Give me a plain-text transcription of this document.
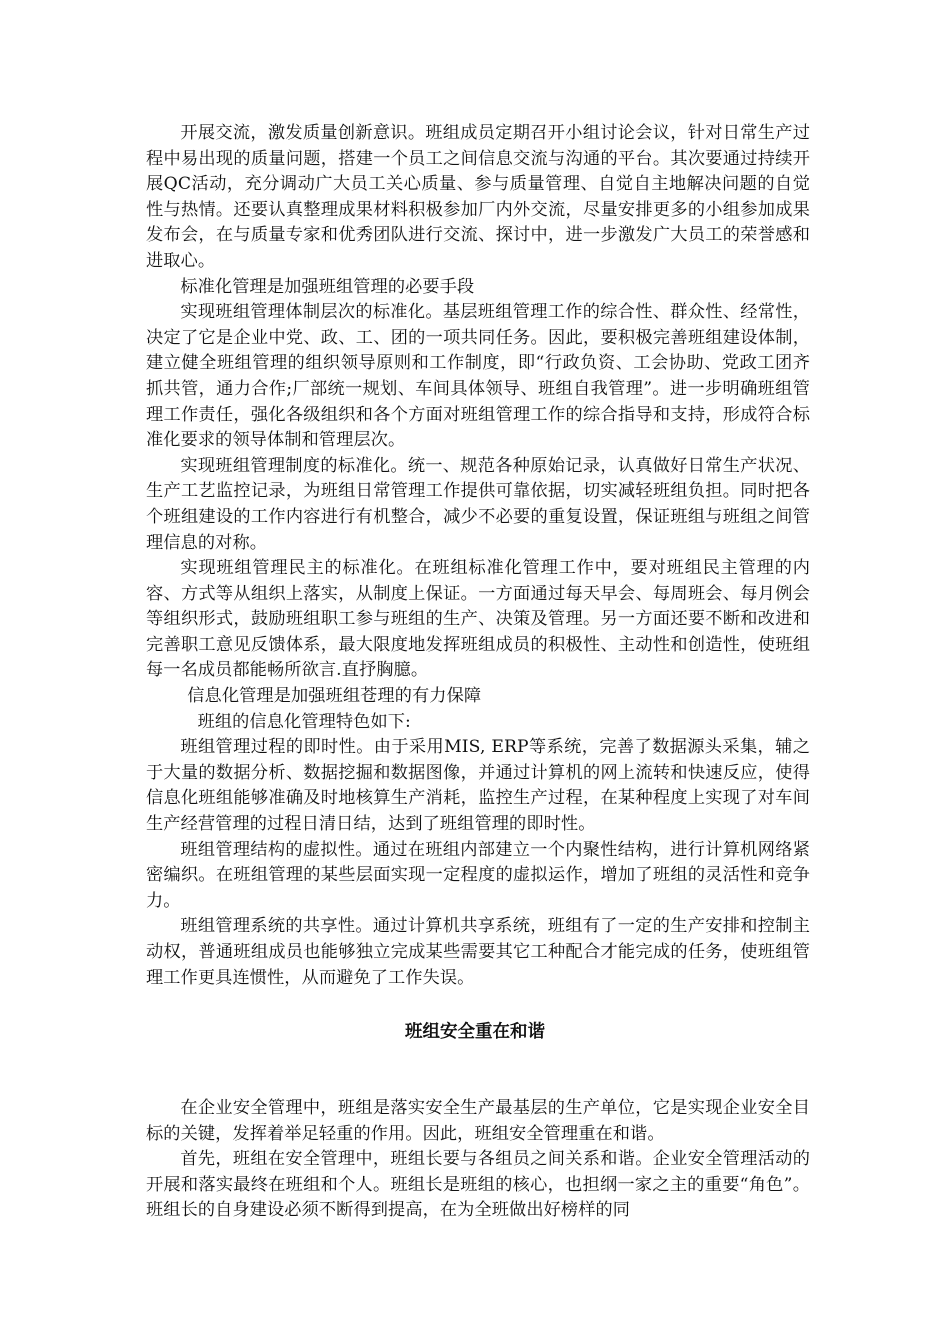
开展交流，激发质量创新意识。班组成员定期召开小组讨论会议，针对日常生产过程中易出现的质量问题，搭建一个员工之间信息交流与沟通的平台。其次要通过持续开展QC活动，充分调动广大员工关心质量、参与质量管理、自觉自主地解决问题的自觉性与热情。还要认真整理成果材料积极参加厂内外交流，尽量安排更多的小组参加成果发布会，在与质量专家和优秀团队进行交流、探讨中，进一步激发广大员工的荣誉感和进取心。

标准化管理是加强班组管理的必要手段

实现班组管理体制层次的标准化。基层班组管理工作的综合性、群众性、经常性，决定了它是企业中党、政、工、团的一项共同任务。因此，要积极完善班组建设体制，建立健全班组管理的组织领导原则和工作制度，即“行政负资、工会协助、党政工团齐抓共管，通力合作;厂部统一规划、车间具体领导、班组自我管理”。进一步明确班组管理工作责任，强化各级组织和各个方面对班组管理工作的综合指导和支持，形成符合标准化要求的领导体制和管理层次。

实现班组管理制度的标准化。统一、规范各种原始记录，认真做好日常生产状况、生产工艺监控记录，为班组日常管理工作提供可靠依据，切实减轻班组负担。同时把各个班组建设的工作内容进行有机整合，减少不必要的重复设置，保证班组与班组之间管理信息的对称。

实现班组管理民主的标准化。在班组标准化管理工作中，要对班组民主管理的内容、方式等从组织上落实，从制度上保证。一方面通过每天早会、每周班会、每月例会等组织形式，鼓励班组职工参与班组的生产、决策及管理。另一方面还要不断和改进和完善职工意见反馈体系，最大限度地发挥班组成员的积极性、主动性和创造性，使班组每一名成员都能畅所欲言.直抒胸臆。

信息化管理是加强班组苍理的有力保障

班组的信息化管理特色如下:

班组管理过程的即时性。由于采用MIS, ERP等系统，完善了数据源头采集，辅之于大量的数据分析、数据挖掘和数据图像，并通过计算机的网上流转和快速反应，使得信息化班组能够准确及时地核算生产消耗，监控生产过程，在某种程度上实现了对车间生产经营管理的过程日清日结，达到了班组管理的即时性。

班组管理结构的虚拟性。通过在班组内部建立一个内聚性结构，进行计算机网络紧密编织。在班组管理的某些层面实现一定程度的虚拟运作，增加了班组的灵活性和竞争力。

班组管理系统的共享性。通过计算机共享系统，班组有了一定的生产安排和控制主动权，普通班组成员也能够独立完成某些需要其它工种配合才能完成的任务，使班组管理工作更具连惯性，从而避免了工作失误。

班组安全重在和谐

在企业安全管理中，班组是落实安全生产最基层的生产单位，它是实现企业安全目标的关键，发挥着举足轻重的作用。因此，班组安全管理重在和谐。

首先，班组在安全管理中，班组长要与各组员之间关系和谐。企业安全管理活动的开展和落实最终在班组和个人。班组长是班组的核心，也担纲一家之主的重要“角色”。班组长的自身建设必须不断得到提高，在为全班做出好榜样的同
